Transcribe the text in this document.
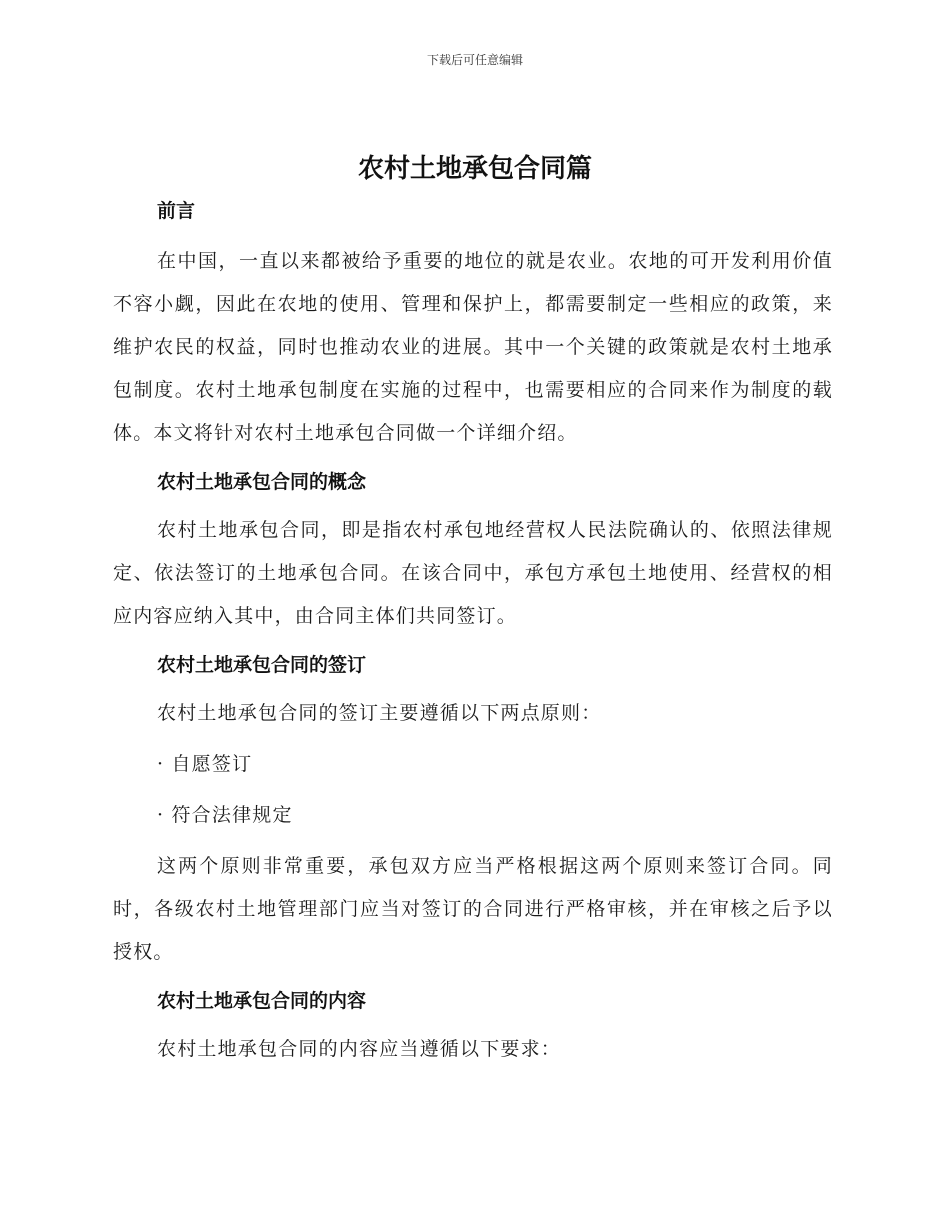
下载后可任意编辑
农村土地承包合同篇
前言

在中国，一直以来都被给予重要的地位的就是农业。农地的可开发利用价值不容小觑，因此在农地的使用、管理和保护上，都需要制定一些相应的政策，来维护农民的权益，同时也推动农业的进展。其中一个关键的政策就是农村土地承包制度。农村土地承包制度在实施的过程中，也需要相应的合同来作为制度的载体。本文将针对农村土地承包合同做一个详细介绍。

农村土地承包合同的概念

农村土地承包合同，即是指农村承包地经营权人民法院确认的、依照法律规定、依法签订的土地承包合同。在该合同中，承包方承包土地使用、经营权的相应内容应纳入其中，由合同主体们共同签订。

农村土地承包合同的签订

农村土地承包合同的签订主要遵循以下两点原则：

· 自愿签订

· 符合法律规定

这两个原则非常重要，承包双方应当严格根据这两个原则来签订合同。同时，各级农村土地管理部门应当对签订的合同进行严格审核，并在审核之后予以授权。

农村土地承包合同的内容

农村土地承包合同的内容应当遵循以下要求：
